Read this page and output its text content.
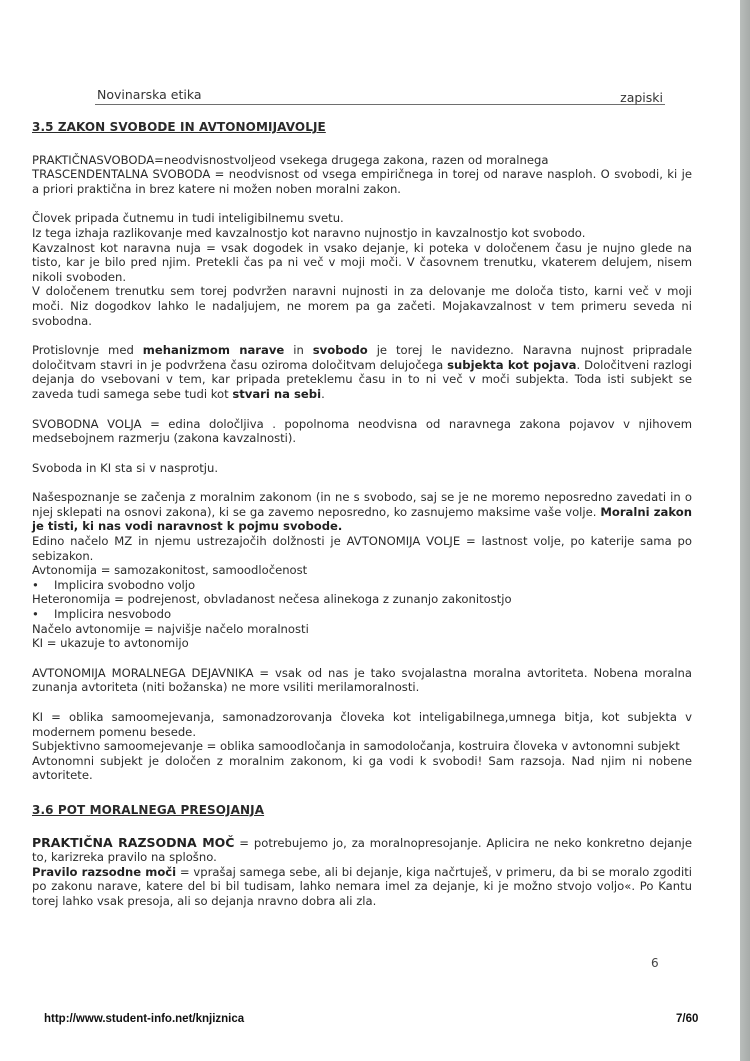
Novinarska etika	zapiski
3.5 ZAKON SVOBODE IN AVTONOMIJAVOLJE
PRAKTIČNASVOBODA=neodvisnostvoljeod vsekega drugega zakona, razen od moralnega
TRASCENDENTALNA SVOBODA = neodvisnost od vsega empiričnega in torej od narave nasploh. O svobodi, ki je a priori praktična in brez katere ni možen noben moralni zakon.
Človek pripada čutnemu in tudi inteligibilnemu svetu.
Iz tega izhaja razlikovanje med kavzalnostjo kot naravno nujnostjo in kavzalnostjo kot svobodo.
Kavzalnost kot naravna nuja = vsak dogodek in vsako dejanje, ki poteka v določenem času je nujno glede na tisto, kar je bilo pred njim. Pretekli čas pa ni več v moji moči. V časovnem trenutku, vkaterem delujem, nisem nikoli svoboden.
V določenem trenutku sem torej podvržen naravni nujnosti in za delovanje me določa tisto, karni več v moji moči. Niz dogodkov lahko le nadaljujem, ne morem pa ga začeti. Mojakavzalnost v tem primeru seveda ni svobodna.
Protislovnje med mehanizmom narave in svobodo je torej le navidezno. Naravna nujnost pripradale določitvam stavri in je podvržena času oziroma določitvam delujočega subjekta kot pojava. Določitveni razlogi dejanja do vsebovani v tem, kar pripada preteklemu času in to ni več v moči subjekta. Toda isti subjekt se zaveda tudi samega sebe tudi kot stvari na sebi.
SVOBODNA VOLJA = edina določljiva . popolnoma neodvisna od naravnega zakona pojavov v njihovem medsebojnem razmerju (zakona kavzalnosti).
Svoboda in KI sta si v nasprotju.
Našespoznanje se začenja z moralnim zakonom (in ne s svobodo, saj se je ne moremo neposredno zavedati in o njej sklepati na osnovi zakona), ki se ga zavemo neposredno, ko zasnujemo maksime vaše volje. Moralni zakon je tisti, ki nas vodi naravnost k pojmu svobode.
Edino načelo MZ in njemu ustrezajočih dolžnosti je AVTONOMIJA VOLJE = lastnost volje, po katerije sama po sebizakon.
Avtonomija = samozakonitost, samoodločenost
• Implicira svobodno voljo
Heteronomija = podrejenost, obvladanost nečesa alinekoga z zunanjo zakonitostjo
• Implicira nesvobodo
Načelo avtonomije = najvišje načelo moralnosti
KI = ukazuje to avtonomijo
AVTONOMIJA MORALNEGA DEJAVNIKA = vsak od nas je tako svojalastna moralna avtoriteta. Nobena moralna zunanja avtoriteta (niti božanska) ne more vsiliti merilamoralnosti.
KI = oblika samoomejevanja, samonadzorovanja človeka kot inteligabilnega,umnega bitja, kot subjekta v modernem pomenu besede.
Subjektivno samoomejevanje = oblika samoodločanja in samodoločanja, kostruira človeka v avtonomni subjekt
Avtonomni subjekt je določen z moralnim zakonom, ki ga vodi k svobodi! Sam razsoja. Nad njim ni nobene avtoritete.
3.6 POT MORALNEGA PRESOJANJA
PRAKTIČNA RAZSODNA MOČ = potrebujemo jo, za moralnopresojanje. Aplicira ne neko konkretno dejanje to, karizreka pravilo na splošno.
Pravilo razsodne moči = vprašaj samega sebe, ali bi dejanje, kiga načrtuješ, v primeru, da bi se moralo zgoditi po zakonu narave, katere del bi bil tudisam, lahko nemara imel za dejanje, ki je možno stvojo voljo«. Po Kantu torej lahko vsak presoja, ali so dejanja nravno dobra ali zla.
6
http://www.student-info.net/knjiznica	7/60
